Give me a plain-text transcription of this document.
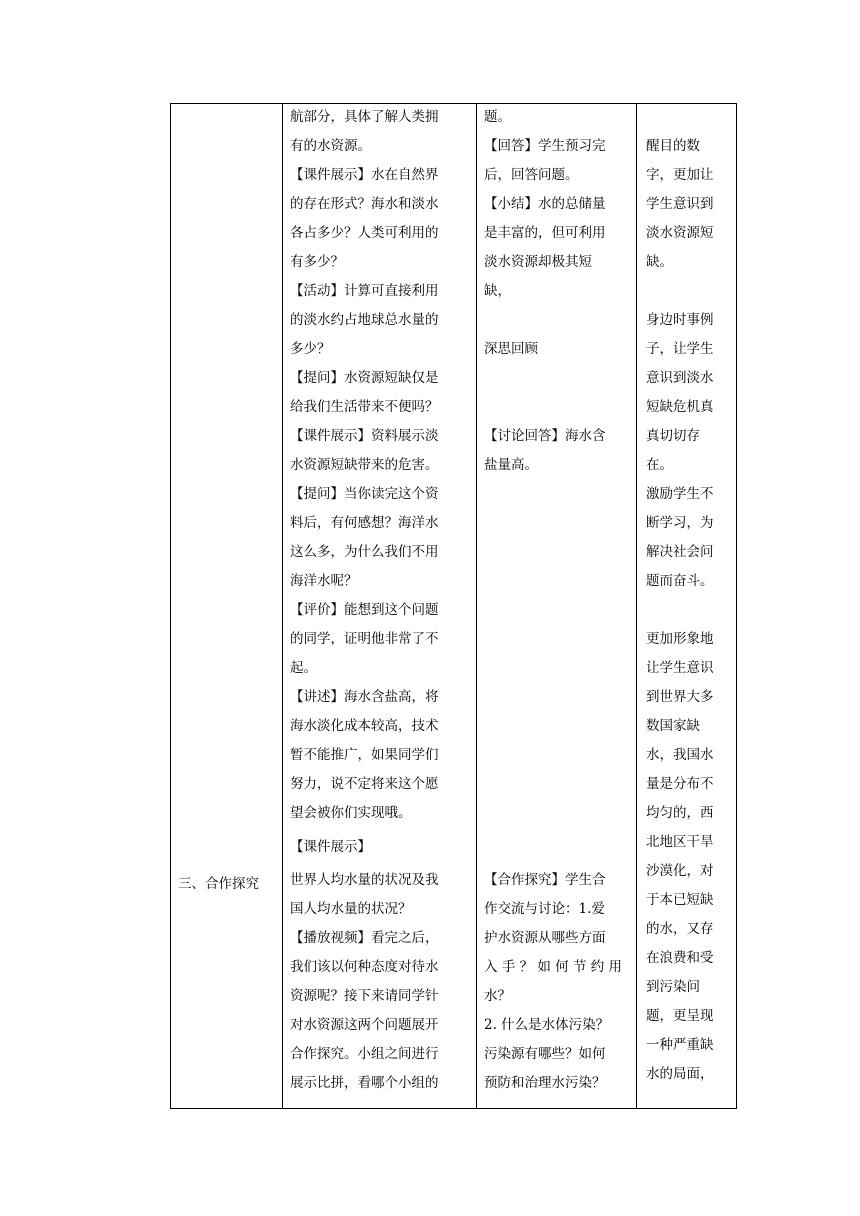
三、合作探究
航部分，具体了解人类拥
有的水资源。
【课件展示】水在自然界
的存在形式？海水和淡水
各占多少？人类可利用的
有多少？
【活动】计算可直接利用
的淡水约占地球总水量的
多少？
【提问】水资源短缺仅是
给我们生活带来不便吗？
【课件展示】资料展示淡
水资源短缺带来的危害。
【提问】当你读完这个资
料后，有何感想？海洋水
这么多，为什么我们不用
海洋水呢？
【评价】能想到这个问题
的同学，证明他非常了不
起。
【讲述】海水含盐高，将
海水淡化成本较高，技术
暂不能推广，如果同学们
努力，说不定将来这个愿
望会被你们实现哦。
【课件展示】
世界人均水量的状况及我
国人均水量的状况？
【播放视频】看完之后，
我们该以何种态度对待水
资源呢？接下来请同学针
对水资源这两个问题展开
合作探究。小组之间进行
展示比拼，看哪个小组的
题。
【回答】学生预习完
后，回答问题。
【小结】水的总储量
是丰富的，但可利用
淡水资源却极其短
缺，
深思回顾
【讨论回答】海水含
盐量高。
【合作探究】学生合
作交流与讨论：1.爱
护水资源从哪些方面
入 手 ？ 如 何 节 约 用
水？
2. 什么是水体污染？
污染源有哪些？如何
预防和治理水污染？
醒目的数
字，更加让
学生意识到
淡水资源短
缺。
身边时事例
子，让学生
意识到淡水
短缺危机真
真切切存
在。
激励学生不
断学习，为
解决社会问
题而奋斗。
更加形象地
让学生意识
到世界大多
数国家缺
水，我国水
量是分布不
均匀的，西
北地区干旱
沙漠化，对
于本已短缺
的水，又存
在浪费和受
到污染问
题，更呈现
一种严重缺
水的局面，
